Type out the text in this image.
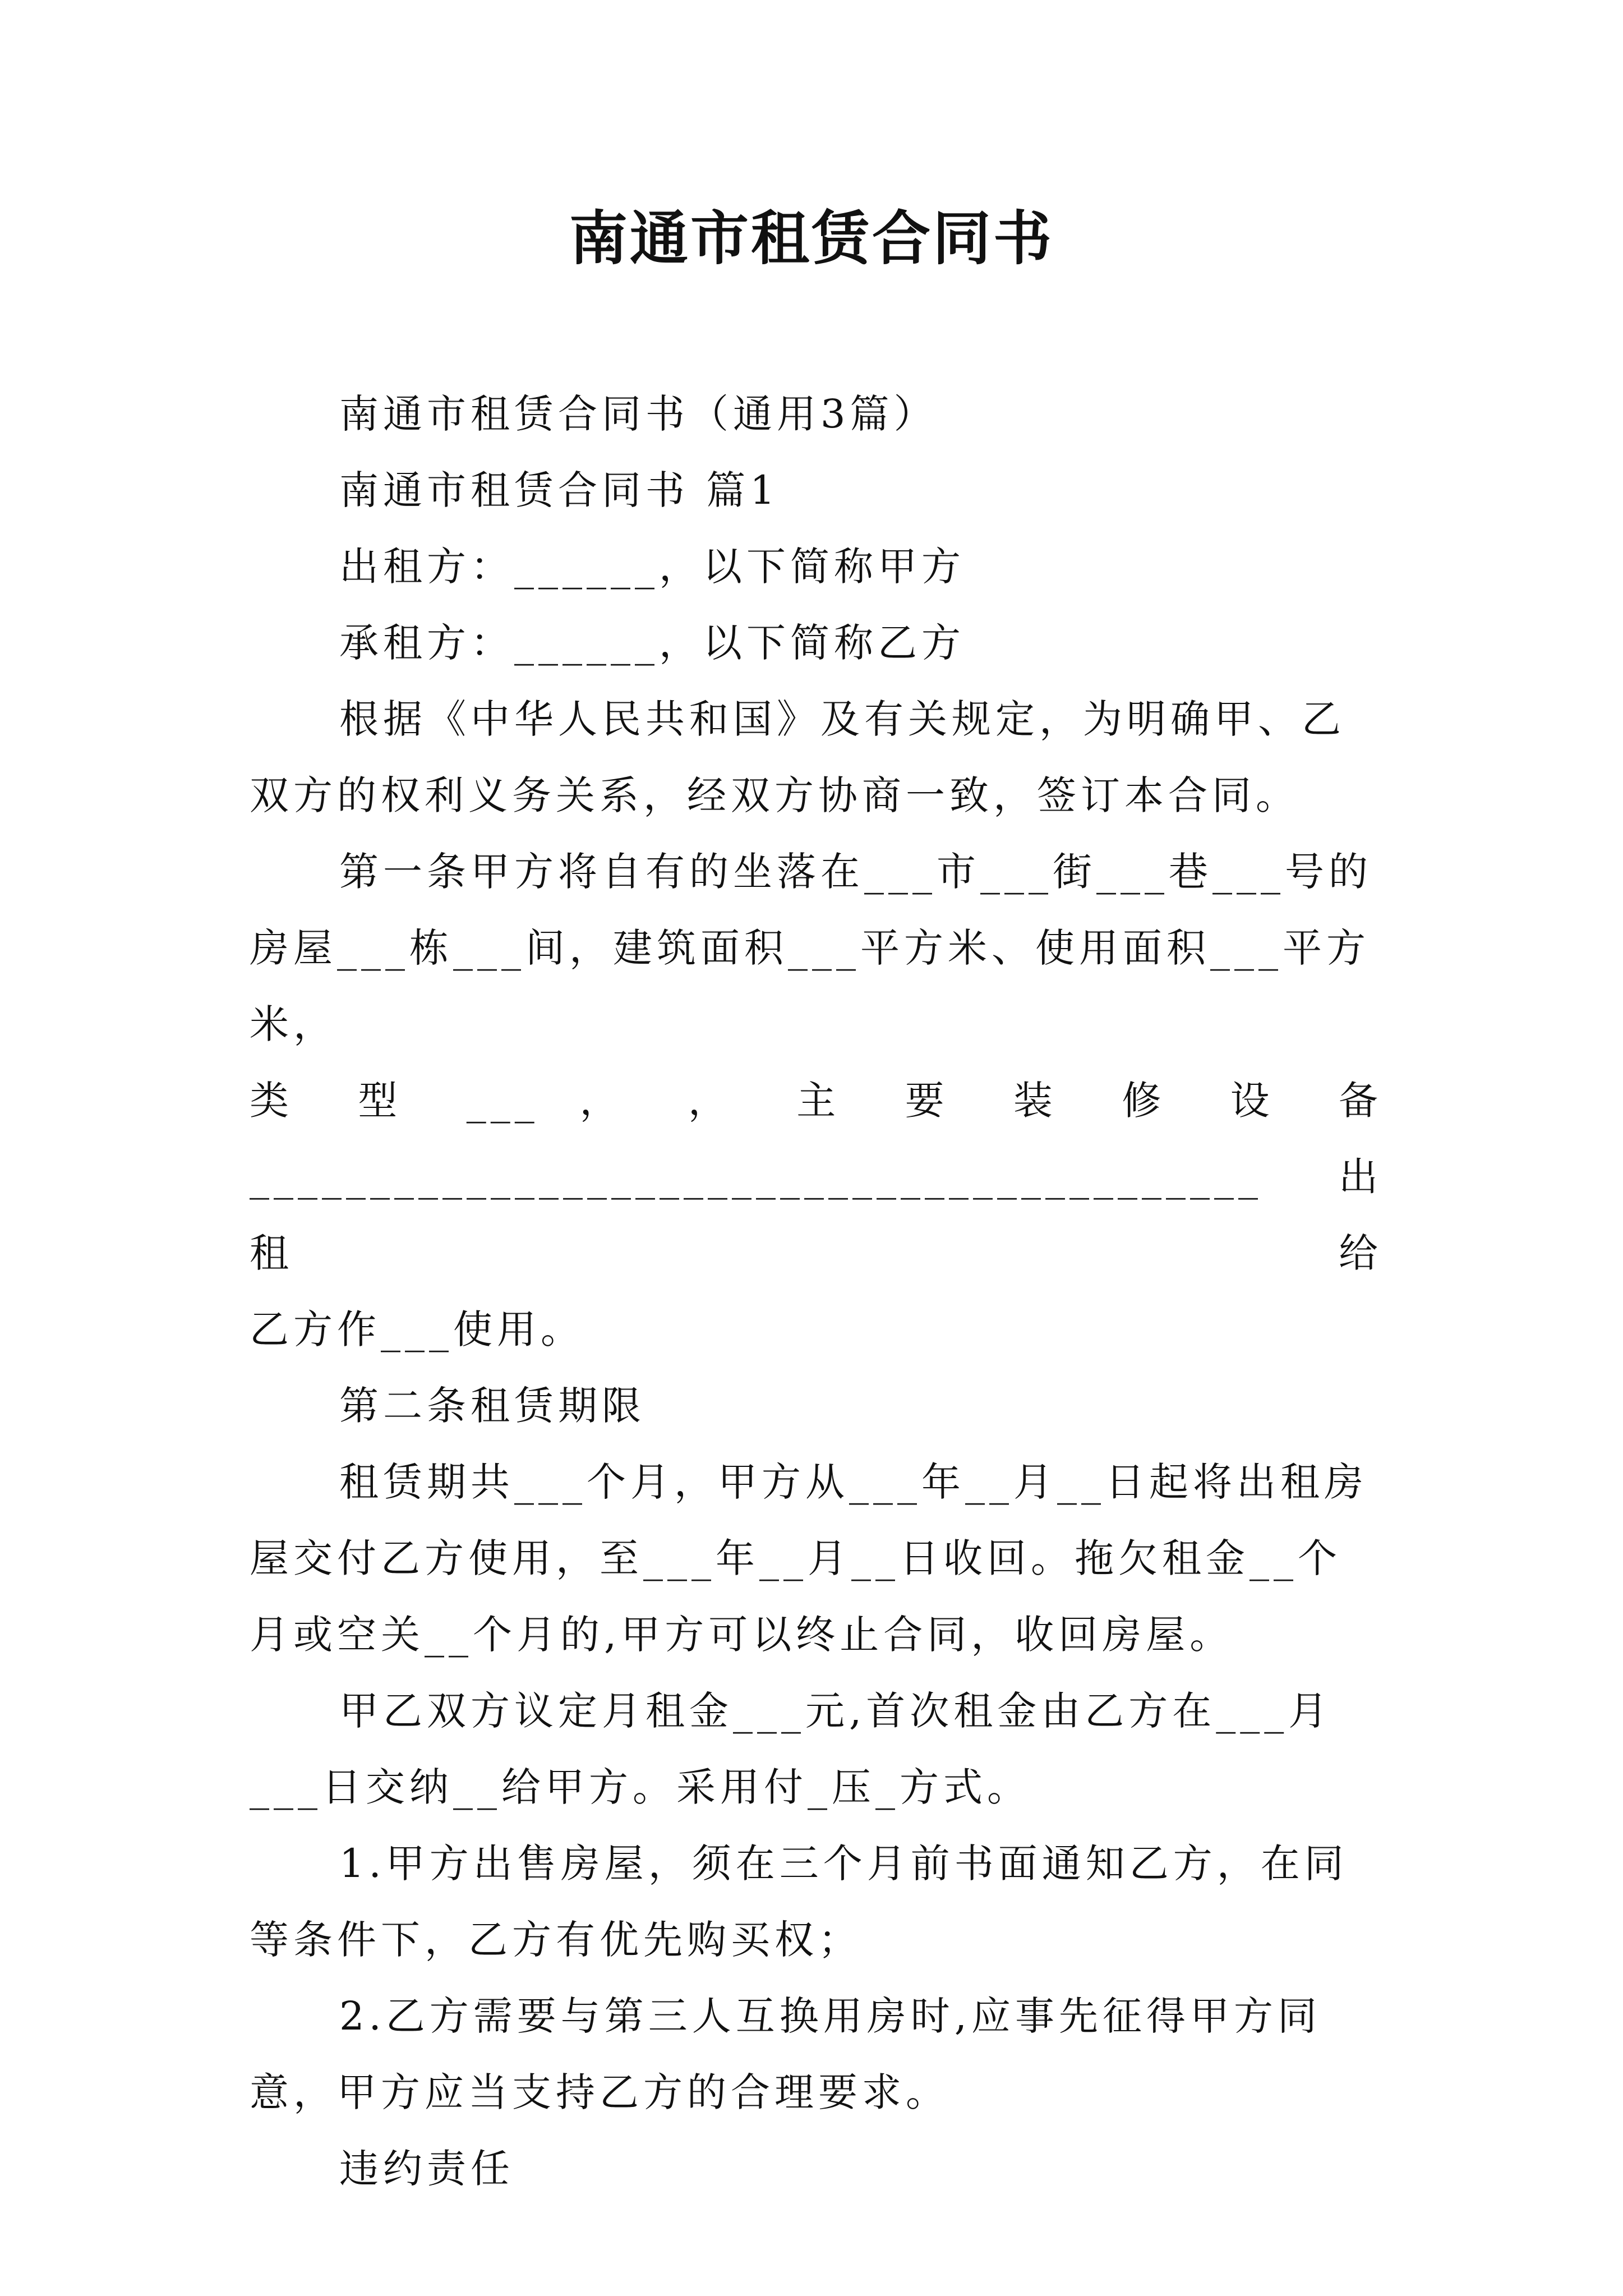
南通市租赁合同书

南通市租赁合同书（通用3篇）

南通市租赁合同书 篇1

出租方：______，以下简称甲方

承租方：______，以下简称乙方

根据《中华人民共和国》及有关规定，为明确甲、乙双方的权利义务关系，经双方协商一致，签订本合同。

第一条甲方将自有的坐落在___市___街___巷___号的房屋___栋___间，建筑面积___平方米、使用面积___平方米，

类 型 ___ ， ， 主 要 装 修 设 备

__________________________________________ 出 租 给

乙方作___使用。

第二条租赁期限

租赁期共___个月，甲方从___年__月__日起将出租房屋交付乙方使用，至___年__月__日收回。拖欠租金__个月或空关__个月的,甲方可以终止合同，收回房屋。

甲乙双方议定月租金___元,首次租金由乙方在___月___日交纳__给甲方。采用付_压_方式。

1.甲方出售房屋，须在三个月前书面通知乙方，在同等条件下，乙方有优先购买权；

2.乙方需要与第三人互换用房时,应事先征得甲方同意，甲方应当支持乙方的合理要求。

违约责任
